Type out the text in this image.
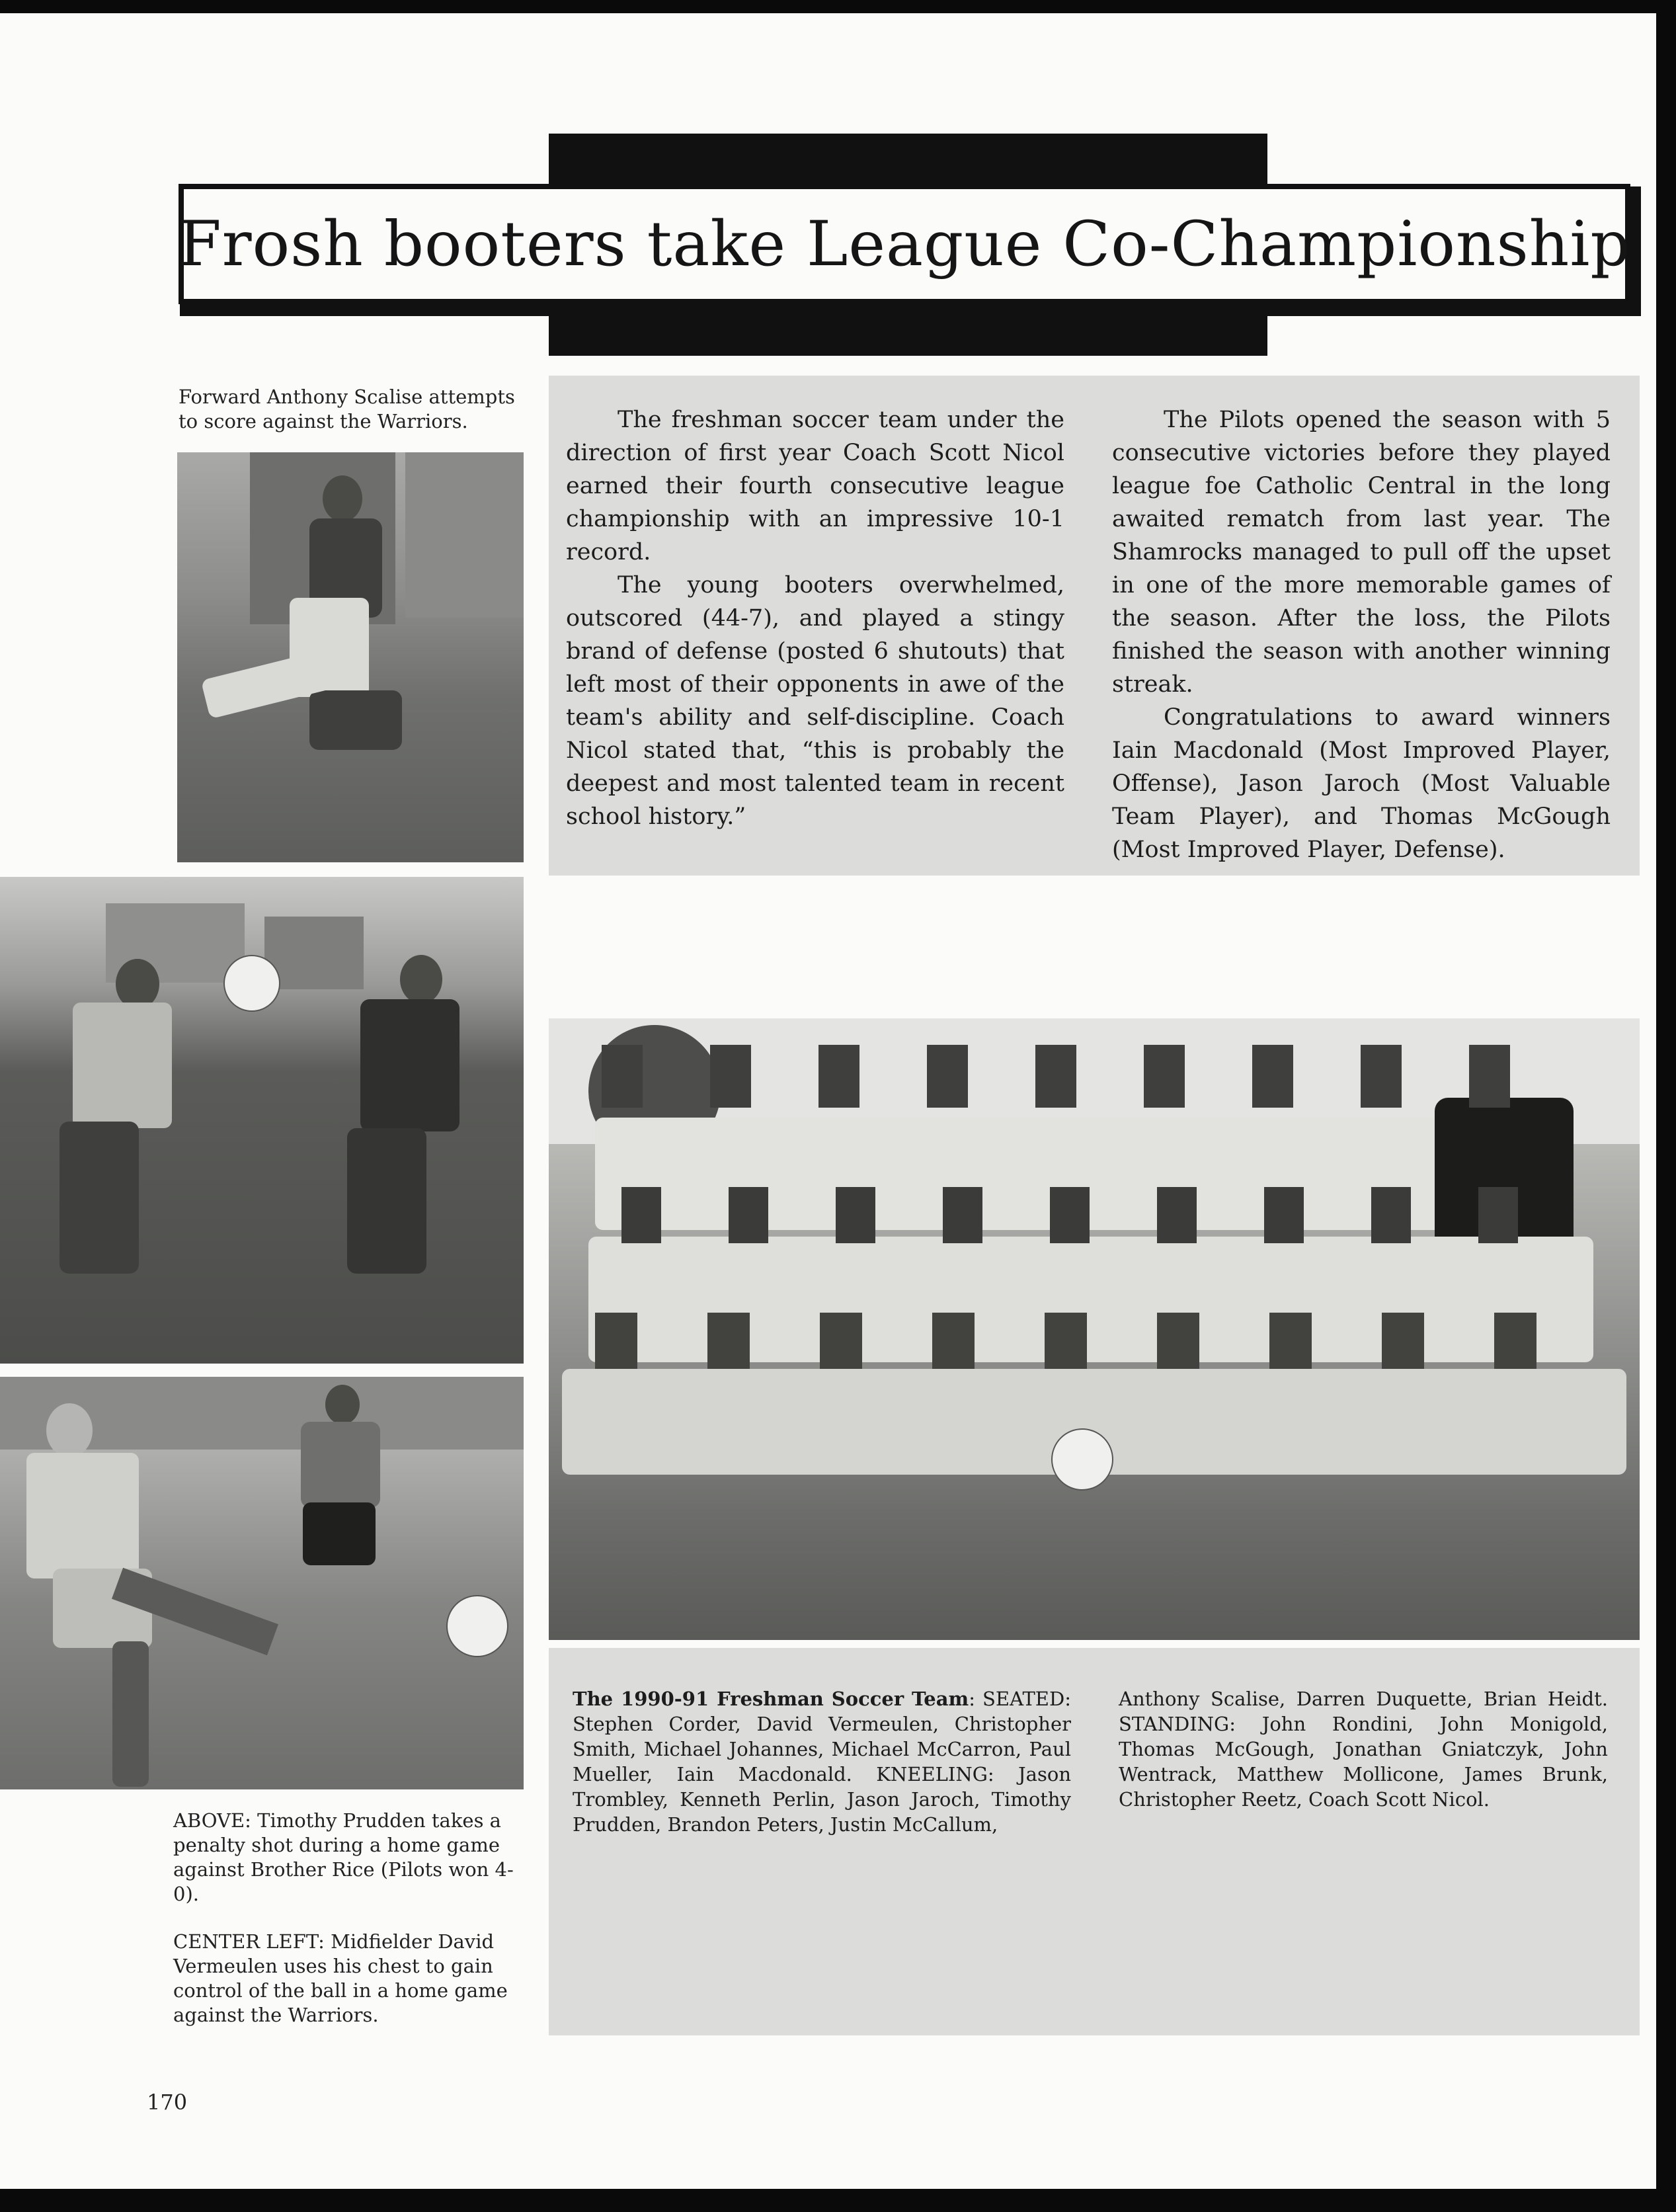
Frosh booters take League Co-Championship
Forward Anthony Scalise attempts to score against the Warriors.

ABOVE: Timothy Prudden takes a penalty shot during a home game against Brother Rice (Pilots won 4-0).

CENTER LEFT: Midfielder David Vermeulen uses his chest to gain control of the ball in a home game against the Warriors.

The freshman soccer team under the direction of first year Coach Scott Nicol earned their fourth consecutive league championship with an impressive 10-1 record.

The young booters overwhelmed, outscored (44-7), and played a stingy brand of defense (posted 6 shutouts) that left most of their opponents in awe of the team's ability and self-discipline. Coach Nicol stated that, “this is probably the deepest and most talented team in recent school history.”

The Pilots opened the season with 5 consecutive victories before they played league foe Catholic Central in the long awaited rematch from last year. The Shamrocks managed to pull off the upset in one of the more memorable games of the season. After the loss, the Pilots finished the season with another winning streak.

Congratulations to award winners Iain Macdonald (Most Improved Player, Offense), Jason Jaroch (Most Valuable Team Player), and Thomas McGough (Most Improved Player, Defense).

The 1990-91 Freshman Soccer Team: SEATED: Stephen Corder, David Vermeulen, Christopher Smith, Michael Johannes, Michael McCarron, Paul Mueller, Iain Macdonald. KNEELING: Jason Trombley, Kenneth Perlin, Jason Jaroch, Timothy Prudden, Brandon Peters, Justin McCallum,
Anthony Scalise, Darren Duquette, Brian Heidt. STANDING: John Rondini, John Monigold, Thomas McGough, Jonathan Gniatczyk, John Wentrack, Matthew Mollicone, James Brunk, Christopher Reetz, Coach Scott Nicol.
170
